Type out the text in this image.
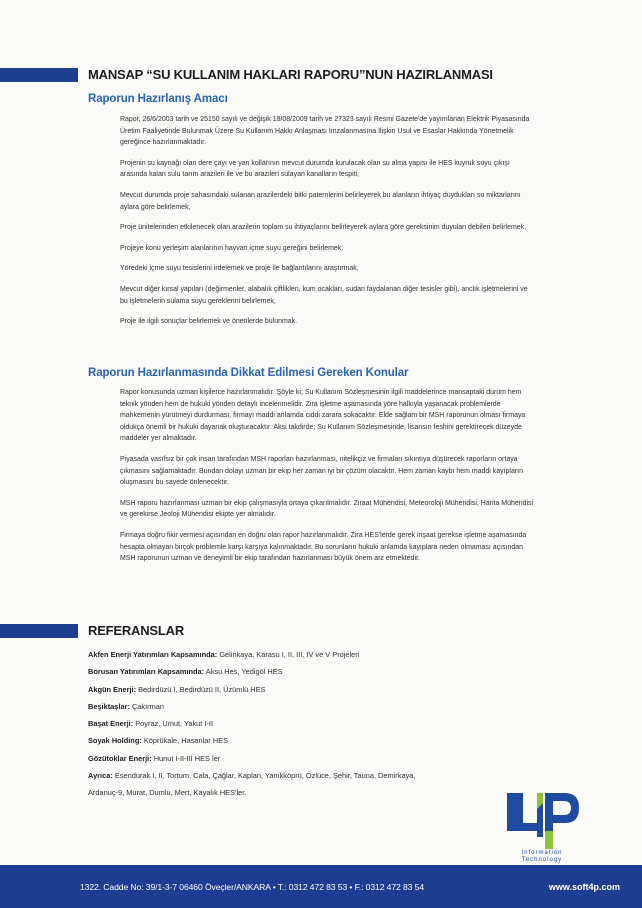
MANSAP “SU KULLANIM HAKLARI RAPORU”NUN HAZIRLANMASI
Raporun Hazırlanış Amacı

Rapor, 26/6/2003 tarih ve 25150 sayılı ve değişik 18/08/2009 tarih ve 27323 sayılı Resmi Gazete'de yayımlanan Elektrik Piyasasında Üretim Faaliyetinde Bulunmak Üzere Su Kullanım Hakkı Anlaşması İmzalanmasına İlişkin Usul ve Esaslar Hakkında Yönetmelik gereğince hazırlanmaktadır.

Projenin su kaynağı olan dere çayı ve yan kollarının mevcut durumda kurulacak olan su alma yapısı ile HES kuyruk suyu çıkışı arasında kalan sulu tarım arazileri ile ve bu arazileri sulayan kanalların tespiti,

Mevcut durumda proje sahasındaki sulanan arazilerdeki bitki paternlerini belirleyerek bu alanların ihtiyaç duydukları su miktarlarını aylara göre belirlemek,

Proje ünitelerinden etkilenecek olan arazilerin toplam su ihtiyaçlarını belirleyerek aylara göre gereksinim duyulan debileri belirlemek,

Projeye konu yerleşim alanlarının hayvan içme suyu gereğini belirlemek,

Yöredeki içme suyu tesislerini irdelemek ve proje ile bağlantılarını araştırmak,

Mevcut diğer kırsal yapıları (değirmenler, alabalık çiftlikleri, kum ocakları, sudan faydalanan diğer tesisler gibi), anclık işletmelerini ve bu işletmelerin sulama suyu gereklerini belirlemek,

Proje ile ilgili sonuçlar belirlemek ve önerilerde bulunmak.

Raporun Hazırlanmasında Dikkat Edilmesi Gereken Konular

Rapor konusunda uzman kişilerce hazırlanmalıdır. Şöyle ki; Su Kullanım Sözleşmesinin ilgili maddelerince mansaptaki durum hem teknik yönden hem de hukuki yönden detaylı incelenmelidir. Zira işletme aşamasında yöre halkıyla yaşanacak problemlerde mahkemenin yürütmeyi durdurması, firmayı maddi anlamda ciddi zarara sokacaktır. Elde sağlam bir MSH raporunun olması firmaya oldukça önemli bir hukuki dayanak oluşturacaktır. Aksi takdirde; Su Kullanım Sözleşmesinde, lisansın feshini gerektirecek düzeyde maddeler yer almaktadır.

Piyasada vasıfsız bir çok insan tarafından MSH raporları hazırlanması, nitelikçiz ve firmaları sıkıntıya düşürecek raporların ortaya çıkmasını sağlamaktadır. Bundan dolayı uzman bir ekip her zaman iyi bir çözüm olacaktır. Hem zaman kaybı hem maddi kayıpların oluşmasını bu sayede önlenecektir.

MSH raporu hazırlanması uzman bir ekip çalışmasıyla ortaya çıkarılmalıdır. Ziraat Mühendisi, Meteoroloji Mühendisi, Harita Mühendisi ve gerekirse Jeoloji Mühendisi ekipte yer almalıdır.

Firmaya doğru fikir vermesi açısından en doğru olan rapor hazırlanmalıdır. Zira HES'lerde gerek inşaat gerekse işletme aşamasında hesapta olmayan birçok problemle karşı karşıya kalınmaktadır. Bu sorunların hukuki anlamda kayıplara neden olmaması açısından MSH raporunun uzman ve deneyimli bir ekip tarafından hazırlanması büyük önem arz etmektedir.

REFERANSLAR
Akfen Enerji Yatırımları Kapsamında: Gelinkaya, Karasu I, II, III, IV ve V Projeleri
Borusan Yatırımları Kapsamında: Aksu Hes, Yedigöl HES
Akgün Enerji: Bedirdüzü I, Bedirdüzü II, Üzümlü HES
Beşiktaşlar: Çakırman
Başat Enerji: Poyraz, Umut, Yakut I-II
Soyak Holding: Köprükale, Hasanlar HES
Gözütoklar Enerji: Hunut I-II-III HES ler
Ayrıca: Esendurak I, II, Tortum, Cala, Çağlar, Kaplan, Yanıkköprü, Özlüce, Şehir, Tauna, Demirkaya,
Ardanuç-9, Murat, Dumlu, Mert, Kayalık HES'ler.
Information
Technology
1322. Cadde No: 39/1-3-7 06460 Öveçler/ANKARA • T.: 0312 472 83 53 • F.: 0312 472 83 54	www.soft4p.com
